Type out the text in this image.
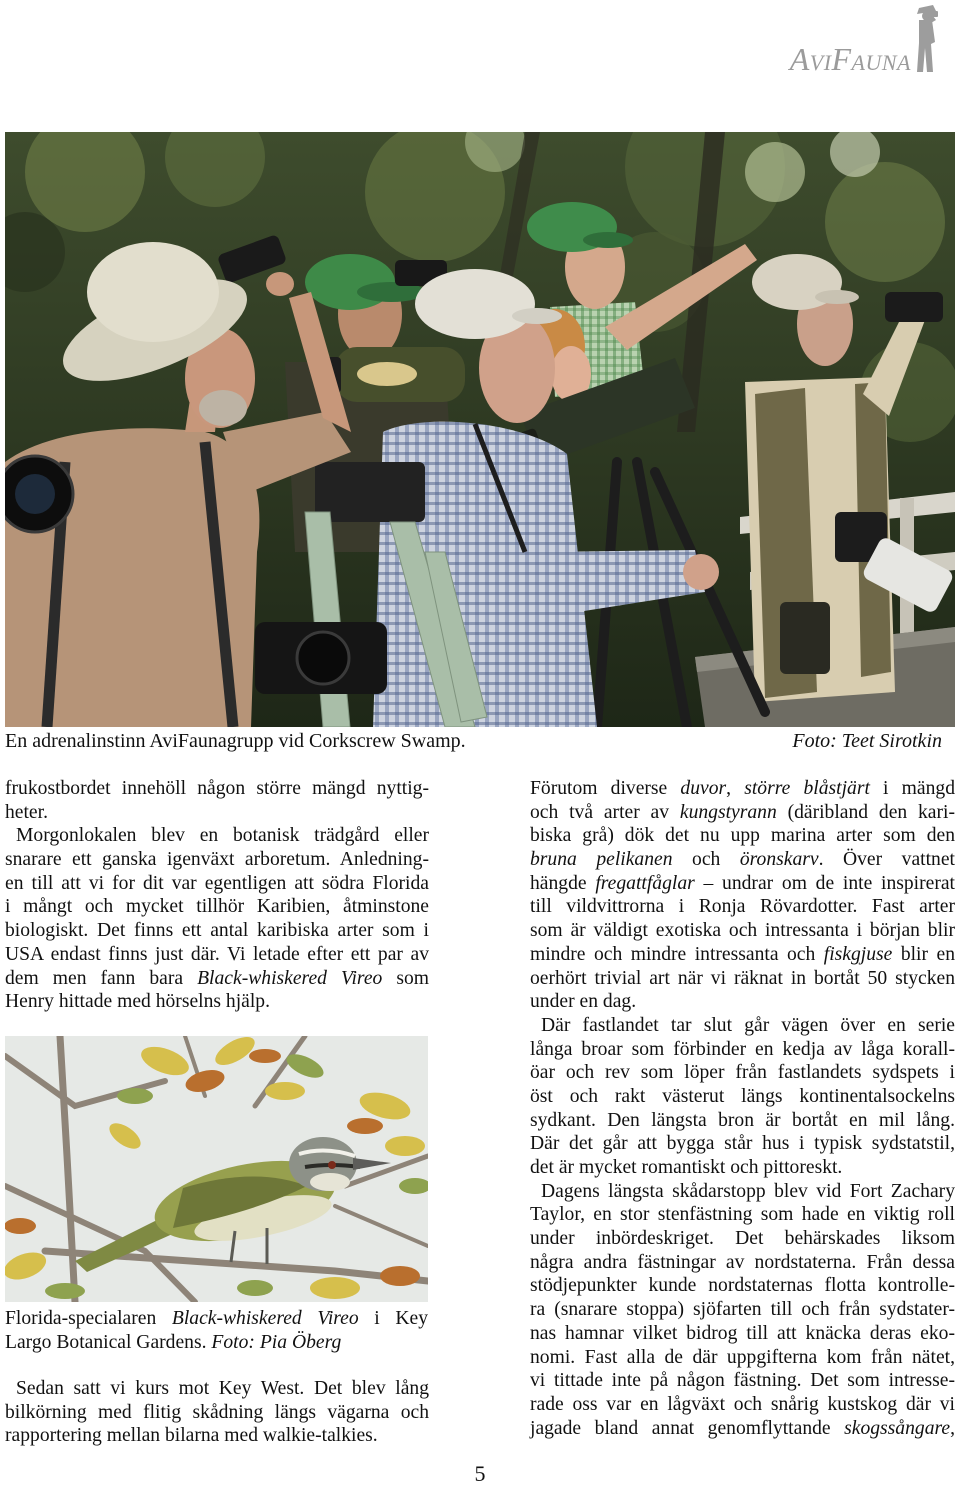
AviFauna
En adrenalinstinn AviFaunagrupp vid Corkscrew Swamp.	Foto: Teet Sirotkin
frukostbordet innehöll någon större mängd nyttig-
heter.
Morgonlokalen blev en botanisk trädgård eller
snarare ett ganska igenväxt arboretum. Anledning-
en till att vi for dit var egentligen att södra Florida
i mångt och mycket tillhör Karibien, åtminstone
biologiskt. Det finns ett antal karibiska arter som i
USA endast finns just där. Vi letade efter ett par av
dem men fann bara Black-whiskered Vireo som
Henry hittade med hörselns hjälp.
Florida-specialaren Black-whiskered Vireo i Key
Largo Botanical Gardens. Foto: Pia Öberg
Sedan satt vi kurs mot Key West. Det blev lång
bilkörning med flitig skådning längs vägarna och
rapportering mellan bilarna med walkie-talkies.
Förutom diverse duvor, större blåstjärt i mängd
och två arter av kungstyrann (däribland den kari-
biska grå) dök det nu upp marina arter som den
bruna pelikanen och öronskarv. Över vattnet
hängde fregattfåglar – undrar om de inte inspirerat
till vildvittrorna i Ronja Rövardotter. Fast arter
som är väldigt exotiska och intressanta i början blir
mindre och mindre intressanta och fiskgjuse blir en
oerhört trivial art när vi räknat in bortåt 50 stycken
under en dag.
Där fastlandet tar slut går vägen över en serie
långa broar som förbinder en kedja av låga korall-
öar och rev som löper från fastlandets sydspets i
öst och rakt västerut längs kontinentalsockelns
sydkant. Den längsta bron är bortåt en mil lång.
Där det går att bygga står hus i typisk sydstatstil,
det är mycket romantiskt och pittoreskt.
Dagens längsta skådarstopp blev vid Fort Zachary
Taylor, en stor stenfästning som hade en viktig roll
under inbördeskriget. Det behärskades liksom
några andra fästningar av nordstaterna. Från dessa
stödjepunkter kunde nordstaternas flotta kontrolle-
ra (snarare stoppa) sjöfarten till och från sydstater-
nas hamnar vilket bidrog till att knäcka deras eko-
nomi. Fast alla de där uppgifterna kom från nätet,
vi tittade inte på någon fästning. Det som intresse-
rade oss var en lågväxt och snårig kustskog där vi
jagade bland annat genomflyttande skogssångare,
5
